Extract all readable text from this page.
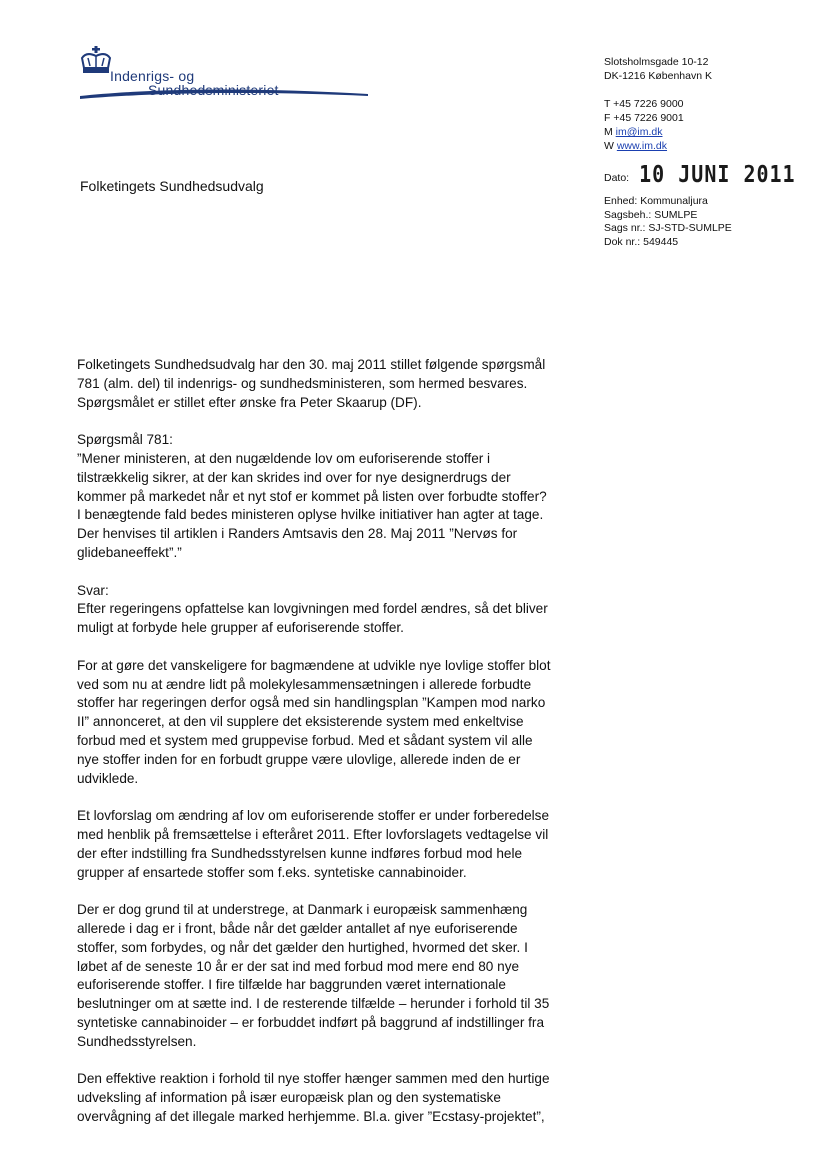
Indenrigs- og
Sundhedsministeriet
Slotsholmsgade 10-12
DK-1216 København K
T +45 7226 9000
F +45 7226 9001
M im@im.dk
W www.im.dk
Folketingets Sundhedsudvalg	Dato: 10 JUNI 2011
Enhed: Kommunaljura
Sagsbeh.: SUMLPE
Sags nr.: SJ-STD-SUMLPE
Dok nr.: 549445

Folketingets Sundhedsudvalg har den 30. maj 2011 stillet følgende spørgsmål
781 (alm. del) til indenrigs- og sundhedsministeren, som hermed besvares.
Spørgsmålet er stillet efter ønske fra Peter Skaarup (DF).

Spørgsmål 781:
”Mener ministeren, at den nugældende lov om euforiserende stoffer i
tilstrækkelig sikrer, at der kan skrides ind over for nye designerdrugs der
kommer på markedet når et nyt stof er kommet på listen over forbudte stoffer?
I benægtende fald bedes ministeren oplyse hvilke initiativer han agter at tage.
Der henvises til artiklen i Randers Amtsavis den 28. Maj 2011 ”Nervøs for
glidebaneeffekt”.”

Svar:
Efter regeringens opfattelse kan lovgivningen med fordel ændres, så det bliver
muligt at forbyde hele grupper af euforiserende stoffer.

For at gøre det vanskeligere for bagmændene at udvikle nye lovlige stoffer blot
ved som nu at ændre lidt på molekylesammensætningen i allerede forbudte
stoffer har regeringen derfor også med sin handlingsplan ”Kampen mod narko
II” annonceret, at den vil supplere det eksisterende system med enkeltvise
forbud med et system med gruppevise forbud. Med et sådant system vil alle
nye stoffer inden for en forbudt gruppe være ulovlige, allerede inden de er
udviklede.

Et lovforslag om ændring af lov om euforiserende stoffer er under forberedelse
med henblik på fremsættelse i efteråret 2011. Efter lovforslagets vedtagelse vil
der efter indstilling fra Sundhedsstyrelsen kunne indføres forbud mod hele
grupper af ensartede stoffer som f.eks. syntetiske cannabinoider.

Der er dog grund til at understrege, at Danmark i europæisk sammenhæng
allerede i dag er i front, både når det gælder antallet af nye euforiserende
stoffer, som forbydes, og når det gælder den hurtighed, hvormed det sker. I
løbet af de seneste 10 år er der sat ind med forbud mod mere end 80 nye
euforiserende stoffer. I fire tilfælde har baggrunden været internationale
beslutninger om at sætte ind. I de resterende tilfælde – herunder i forhold til 35
syntetiske cannabinoider – er forbuddet indført på baggrund af indstillinger fra
Sundhedsstyrelsen.

Den effektive reaktion i forhold til nye stoffer hænger sammen med den hurtige
udveksling af information på især europæisk plan og den systematiske
overvågning af det illegale marked herhjemme. Bl.a. giver ”Ecstasy-projektet”,
